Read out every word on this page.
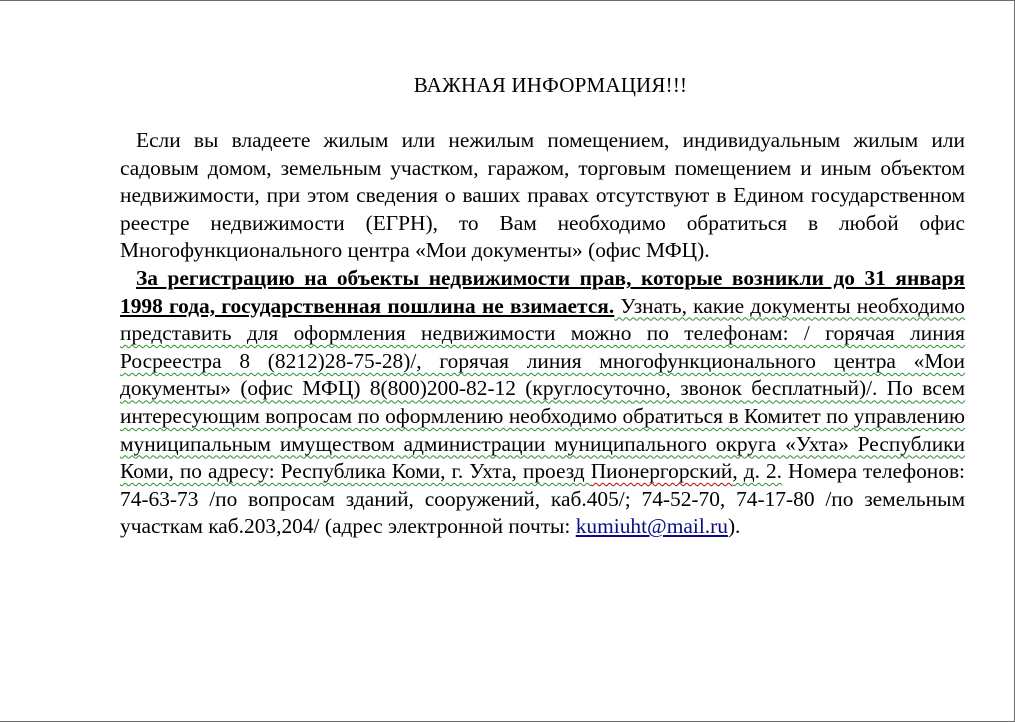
ВАЖНАЯ ИНФОРМАЦИЯ!!!

Если вы владеете жилым или нежилым помещением, индивидуальным жилым или садовым домом, земельным участком, гаражом, торговым помещением и иным объектом недвижимости, при этом сведения о ваших правах отсутствуют в Едином государственном реестре недвижимости (ЕГРН), то Вам необходимо обратиться в любой офис Многофункционального центра «Мои документы» (офис МФЦ).

За регистрацию на объекты недвижимости прав, которые возникли до 31 января 1998 года, государственная пошлина не взимается. Узнать, какие документы необходимо представить для оформления недвижимости можно по телефонам: / горячая линия Росреестра 8 (8212)28-75-28)/, горячая линия многофункционального центра «Мои документы» (офис МФЦ) 8(800)200-82-12 (круглосуточно, звонок бесплатный)/. По всем интересующим вопросам по оформлению необходимо обратиться в Комитет по управлению муниципальным имуществом администрации муниципального округа «Ухта» Республики Коми, по адресу: Республика Коми, г. Ухта, проезд Пионергорский, д. 2. Номера телефонов: 74-63-73 /по вопросам зданий, сооружений, каб.405/; 74-52-70, 74-17-80 /по земельным участкам каб.203,204/ (адрес электронной почты: kumiuht@mail.ru).
